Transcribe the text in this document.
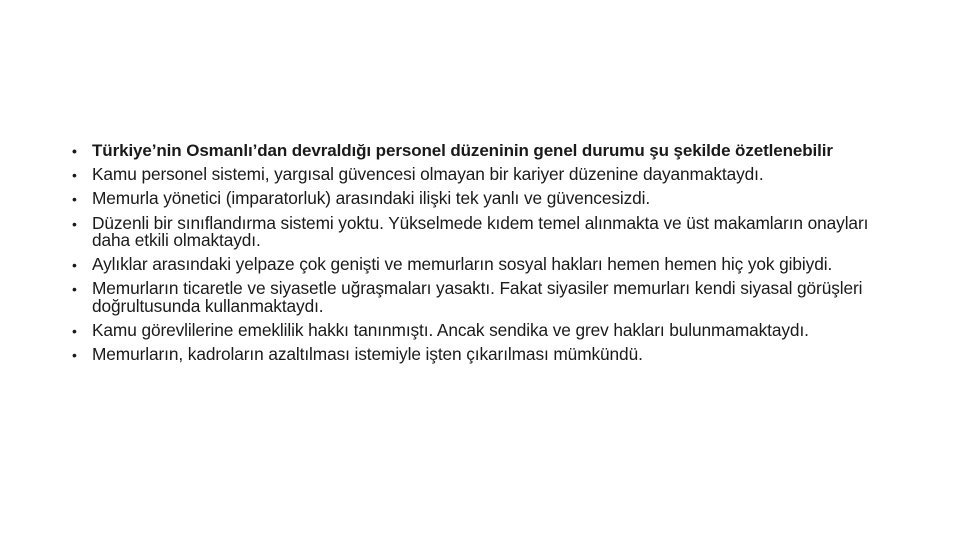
• Türkiye’nin Osmanlı’dan devraldığı personel düzeninin genel durumu şu şekilde özetlenebilir
• Kamu personel sistemi, yargısal güvencesi olmayan bir kariyer düzenine dayanmaktaydı.
• Memurla yönetici (imparatorluk) arasındaki ilişki tek yanlı ve güvencesizdi.
• Düzenli bir sınıflandırma sistemi yoktu. Yükselmede kıdem temel alınmakta ve üst makamların onayları daha etkili olmaktaydı.
• Aylıklar arasındaki yelpaze çok genişti ve memurların sosyal hakları hemen hemen hiç yok gibiydi.
• Memurların ticaretle ve siyasetle uğraşmaları yasaktı. Fakat siyasiler memurları kendi siyasal görüşleri doğrultusunda kullanmaktaydı.
• Kamu görevlilerine emeklilik hakkı tanınmıştı. Ancak sendika ve grev hakları bulunmamaktaydı.
• Memurların, kadroların azaltılması istemiyle işten çıkarılması mümkündü.
